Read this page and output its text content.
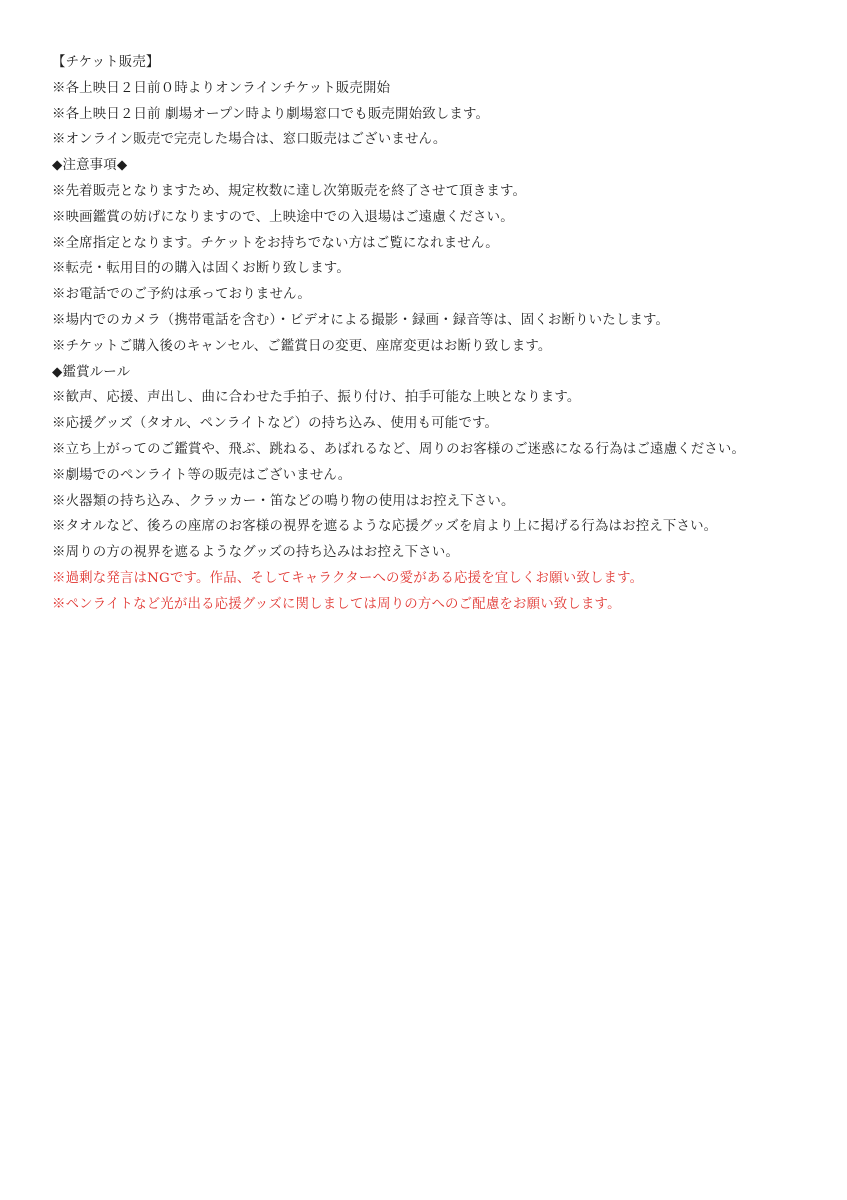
【チケット販売】
※各上映日２日前０時よりオンラインチケット販売開始
※各上映日２日前 劇場オープン時より劇場窓口でも販売開始致します。
※オンライン販売で完売した場合は、窓口販売はございません。
◆注意事項◆
※先着販売となりますため、規定枚数に達し次第販売を終了させて頂きます。
※映画鑑賞の妨げになりますので、上映途中での入退場はご遠慮ください。
※全席指定となります。チケットをお持ちでない方はご覧になれません。
※転売・転用目的の購入は固くお断り致します。
※お電話でのご予約は承っておりません。
※場内でのカメラ（携帯電話を含む）・ビデオによる撮影・録画・録音等は、固くお断りいたします。
※チケットご購入後のキャンセル、ご鑑賞日の変更、座席変更はお断り致します。
◆鑑賞ルール
※歓声、応援、声出し、曲に合わせた手拍子、振り付け、拍手可能な上映となります。
※応援グッズ（タオル、ペンライトなど）の持ち込み、使用も可能です。
※立ち上がってのご鑑賞や、飛ぶ、跳ねる、あばれるなど、周りのお客様のご迷惑になる行為はご遠慮ください。
※劇場でのペンライト等の販売はございません。
※火器類の持ち込み、クラッカー・笛などの鳴り物の使用はお控え下さい。
※タオルなど、後ろの座席のお客様の視界を遮るような応援グッズを肩より上に掲げる行為はお控え下さい。
※周りの方の視界を遮るようなグッズの持ち込みはお控え下さい。
※過剰な発言はNGです。作品、そしてキャラクターへの愛がある応援を宜しくお願い致します。
※ペンライトなど光が出る応援グッズに関しましては周りの方へのご配慮をお願い致します。
